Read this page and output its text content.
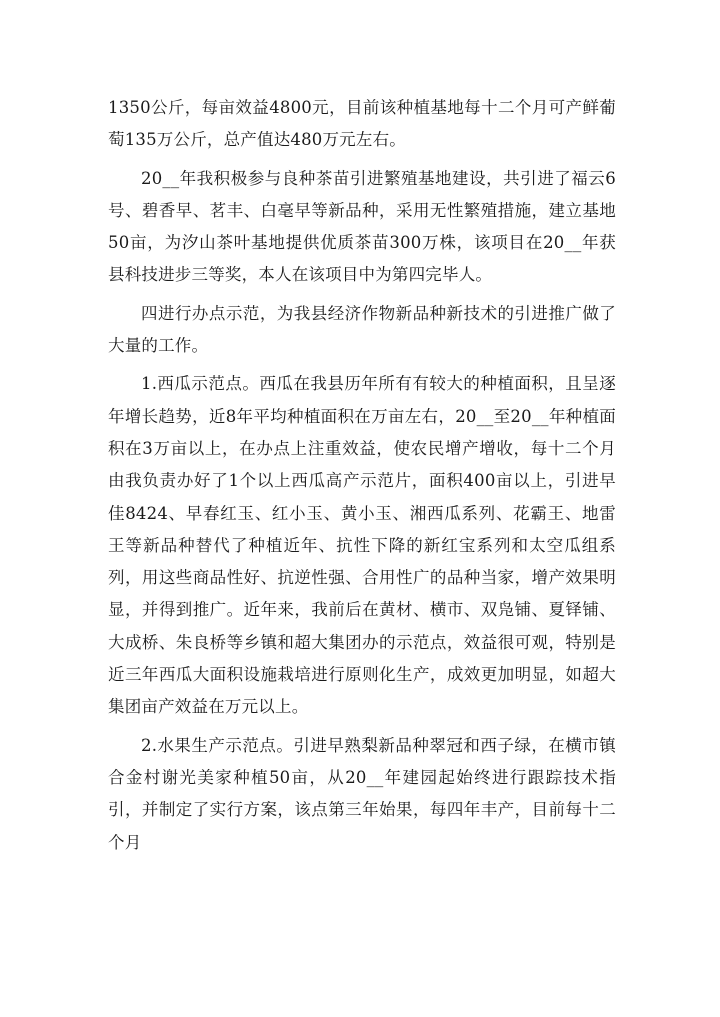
1350公斤，每亩效益4800元，目前该种植基地每十二个月可产鲜葡萄135万公斤，总产值达480万元左右。

20__年我积极参与良种茶苗引进繁殖基地建设，共引进了福云6号、碧香早、茗丰、白毫早等新品种，采用无性繁殖措施，建立基地50亩，为汐山茶叶基地提供优质茶苗300万株，该项目在20__年获县科技进步三等奖，本人在该项目中为第四完毕人。

四进行办点示范，为我县经济作物新品种新技术的引进推广做了大量的工作。

1.西瓜示范点。西瓜在我县历年所有有较大的种植面积，且呈逐年增长趋势，近8年平均种植面积在万亩左右，20__至20__年种植面积在3万亩以上，在办点上注重效益，使农民增产增收，每十二个月由我负责办好了1个以上西瓜高产示范片，面积400亩以上，引进早佳8424、早春红玉、红小玉、黄小玉、湘西瓜系列、花霸王、地雷王等新品种替代了种植近年、抗性下降的新红宝系列和太空瓜组系列，用这些商品性好、抗逆性强、合用性广的品种当家，增产效果明显，并得到推广。近年来，我前后在黄材、横市、双凫铺、夏铎铺、大成桥、朱良桥等乡镇和超大集团办的示范点，效益很可观，特别是近三年西瓜大面积设施栽培进行原则化生产，成效更加明显，如超大集团亩产效益在万元以上。

2.水果生产示范点。引进早熟梨新品种翠冠和西子绿，在横市镇合金村谢光美家种植50亩，从20__年建园起始终进行跟踪技术指引，并制定了实行方案，该点第三年始果，每四年丰产，目前每十二个月
